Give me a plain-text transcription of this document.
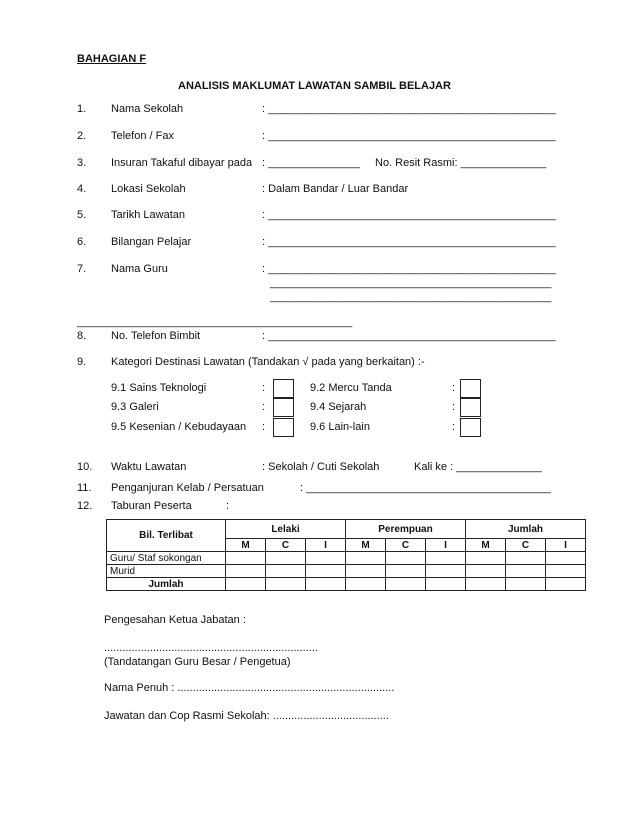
BAHAGIAN F
ANALISIS MAKLUMAT LAWATAN SAMBIL BELAJAR
1. Nama Sekolah	: _______________________________________________
2. Telefon / Fax	: _______________________________________________
3. Insuran Takaful dibayar pada : _______________ No. Resit Rasmi: ______________
4. Lokasi Sekolah	: Dalam Bandar / Luar Bandar
5. Tarikh Lawatan	: _______________________________________________
6. Bilangan Pelajar	: _______________________________________________
7. Nama Guru	: _______________________________________________
______________________________________________
______________________________________________
_____________________________________________
8. No. Telefon Bimbit	: _______________________________________________
9. Kategori Destinasi Lawatan (Tandakan √ pada yang berkaitan) :-
9.1 Sains Teknologi	:	9.2 Mercu Tanda	:
9.3 Galeri	:	9.4 Sejarah	:
9.5 Kesenian / Kebudayaan :	9.6 Lain-lain	:
10. Waktu Lawatan	: Sekolah / Cuti Sekolah	Kali ke : ______________
11. Penganjuran Kelab / Persatuan	: ________________________________________
12. Taburan Peserta	:
Bil. Terlibat	Lelaki			Perempuan			Jumlah		
	M	C	I	M	C	I	M	C	I
Guru/ Staf sokongan									
Murid									
Jumlah									
Pengesahan Ketua Jabatan :
......................................................................
(Tandatangan Guru Besar / Pengetua)
Nama Penuh : .......................................................................
Jawatan dan Cop Rasmi Sekolah: ......................................
